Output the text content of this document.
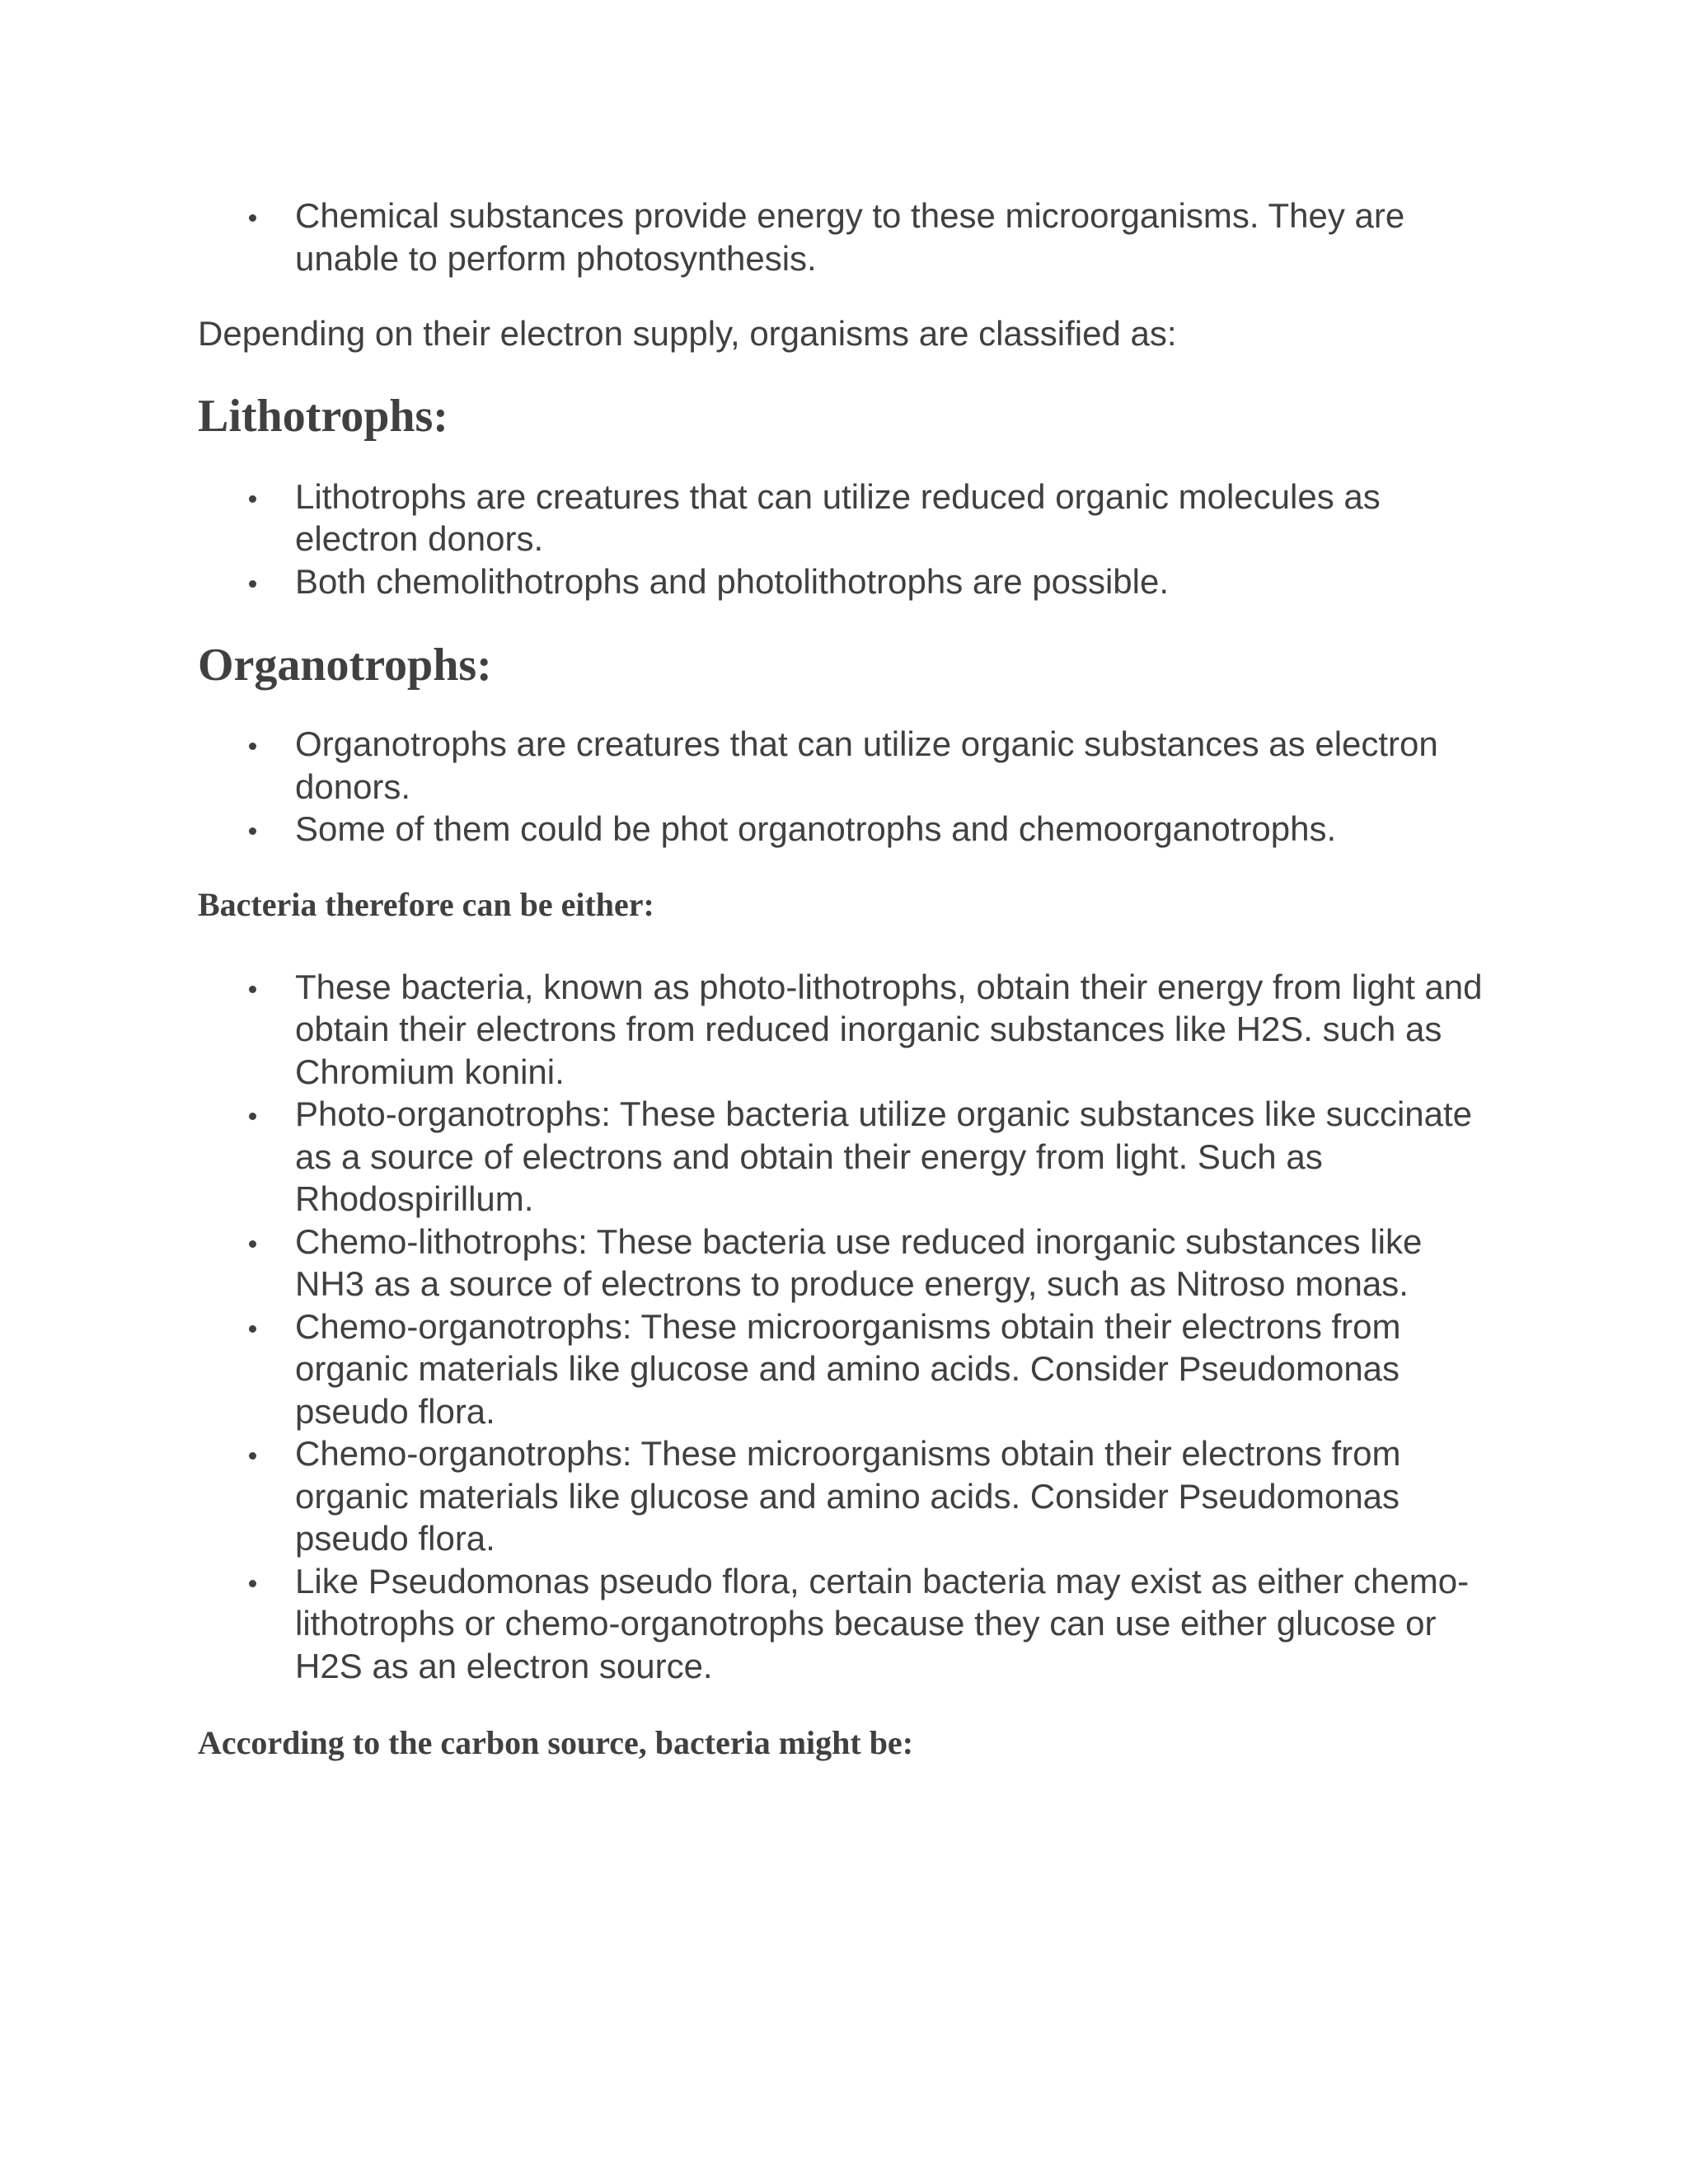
Chemical substances provide energy to these microorganisms. They are unable to perform photosynthesis.

Depending on their electron supply, organisms are classified as:

Lithotrophs:
Lithotrophs are creatures that can utilize reduced organic molecules as electron donors.
Both chemolithotrophs and photolithotrophs are possible.
Organotrophs:
Organotrophs are creatures that can utilize organic substances as electron donors.
Some of them could be phot organotrophs and chemoorganotrophs.
Bacteria therefore can be either:
These bacteria, known as photo-lithotrophs, obtain their energy from light and obtain their electrons from reduced inorganic substances like H2S. such as Chromium konini.
Photo-organotrophs: These bacteria utilize organic substances like succinate as a source of electrons and obtain their energy from light. Such as Rhodospirillum.
Chemo-lithotrophs: These bacteria use reduced inorganic substances like NH3 as a source of electrons to produce energy, such as Nitroso monas.
Chemo-organotrophs: These microorganisms obtain their electrons from organic materials like glucose and amino acids. Consider Pseudomonas pseudo flora.
Chemo-organotrophs: These microorganisms obtain their electrons from organic materials like glucose and amino acids. Consider Pseudomonas pseudo flora.
Like Pseudomonas pseudo flora, certain bacteria may exist as either chemo-lithotrophs or chemo-organotrophs because they can use either glucose or H2S as an electron source.
According to the carbon source, bacteria might be:
